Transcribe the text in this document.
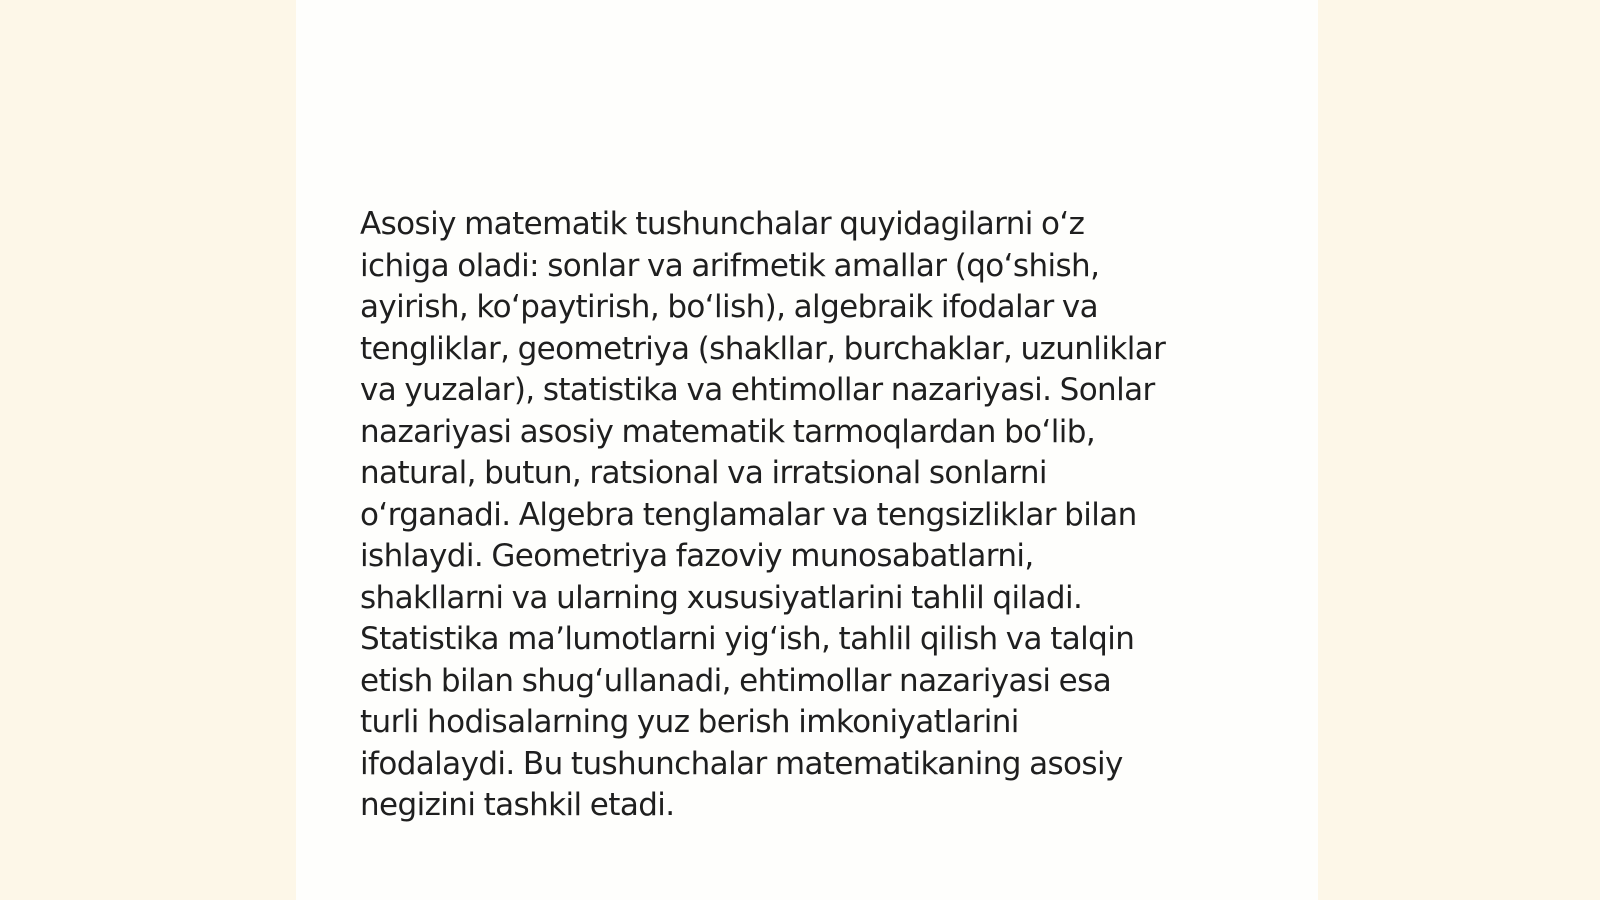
Asosiy matematik tushunchalar quyidagilarni o‘z
ichiga oladi: sonlar va arifmetik amallar (qo‘shish,
ayirish, ko‘paytirish, bo‘lish), algebraik ifodalar va
tengliklar, geometriya (shakllar, burchaklar, uzunliklar
va yuzalar), statistika va ehtimollar nazariyasi. Sonlar
nazariyasi asosiy matematik tarmoqlardan bo‘lib,
natural, butun, ratsional va irratsional sonlarni
o‘rganadi. Algebra tenglamalar va tengsizliklar bilan
ishlaydi. Geometriya fazoviy munosabatlarni,
shakllarni va ularning xususiyatlarini tahlil qiladi.
Statistika ma’lumotlarni yig‘ish, tahlil qilish va talqin
etish bilan shug‘ullanadi, ehtimollar nazariyasi esa
turli hodisalarning yuz berish imkoniyatlarini
ifodalaydi. Bu tushunchalar matematikaning asosiy
negizini tashkil etadi.
